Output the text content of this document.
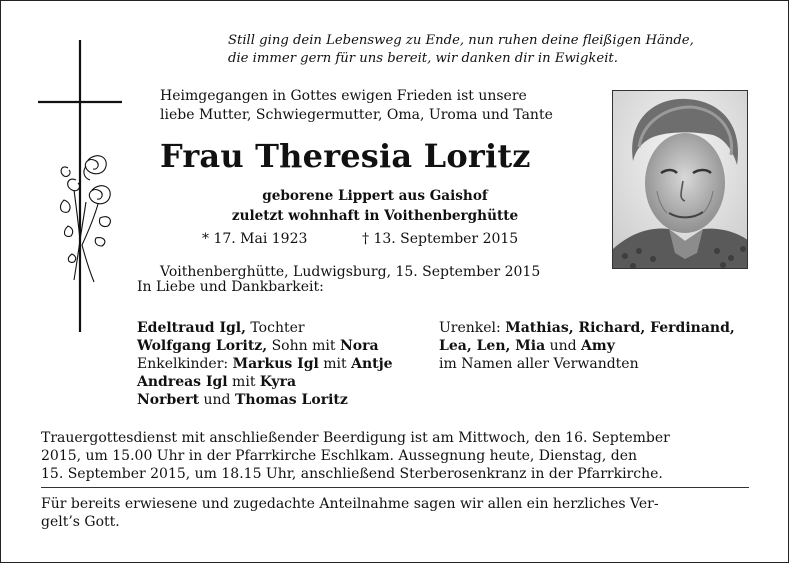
Still ging dein Lebensweg zu Ende, nun ruhen deine fleißigen Hände,
die immer gern für uns bereit, wir danken dir in Ewigkeit.
Heimgegangen in Gottes ewigen Frieden ist unsere
liebe Mutter, Schwiegermutter, Oma, Uroma und Tante
Frau Theresia Loritz
geborene Lippert aus Gaishof
zuletzt wohnhaft in Voithenberghütte
* 17. Mai 1923	† 13. September 2015
Voithenberghütte, Ludwigsburg, 15. September 2015
In Liebe und Dankbarkeit:
Edeltraud Igl, Tochter
Wolfgang Loritz, Sohn mit Nora
Enkelkinder: Markus Igl mit Antje
Andreas Igl mit Kyra
Norbert und Thomas Loritz
Urenkel: Mathias, Richard, Ferdinand,
Lea, Len, Mia und Amy
im Namen aller Verwandten
Trauergottesdienst mit anschließender Beerdigung ist am Mittwoch, den 16. September
2015, um 15.00 Uhr in der Pfarrkirche Eschlkam. Aussegnung heute, Dienstag, den
15. September 2015, um 18.15 Uhr, anschließend Sterberosenkranz in der Pfarrkirche.
Für bereits erwiesene und zugedachte Anteilnahme sagen wir allen ein herzliches Ver-
gelt’s Gott.
